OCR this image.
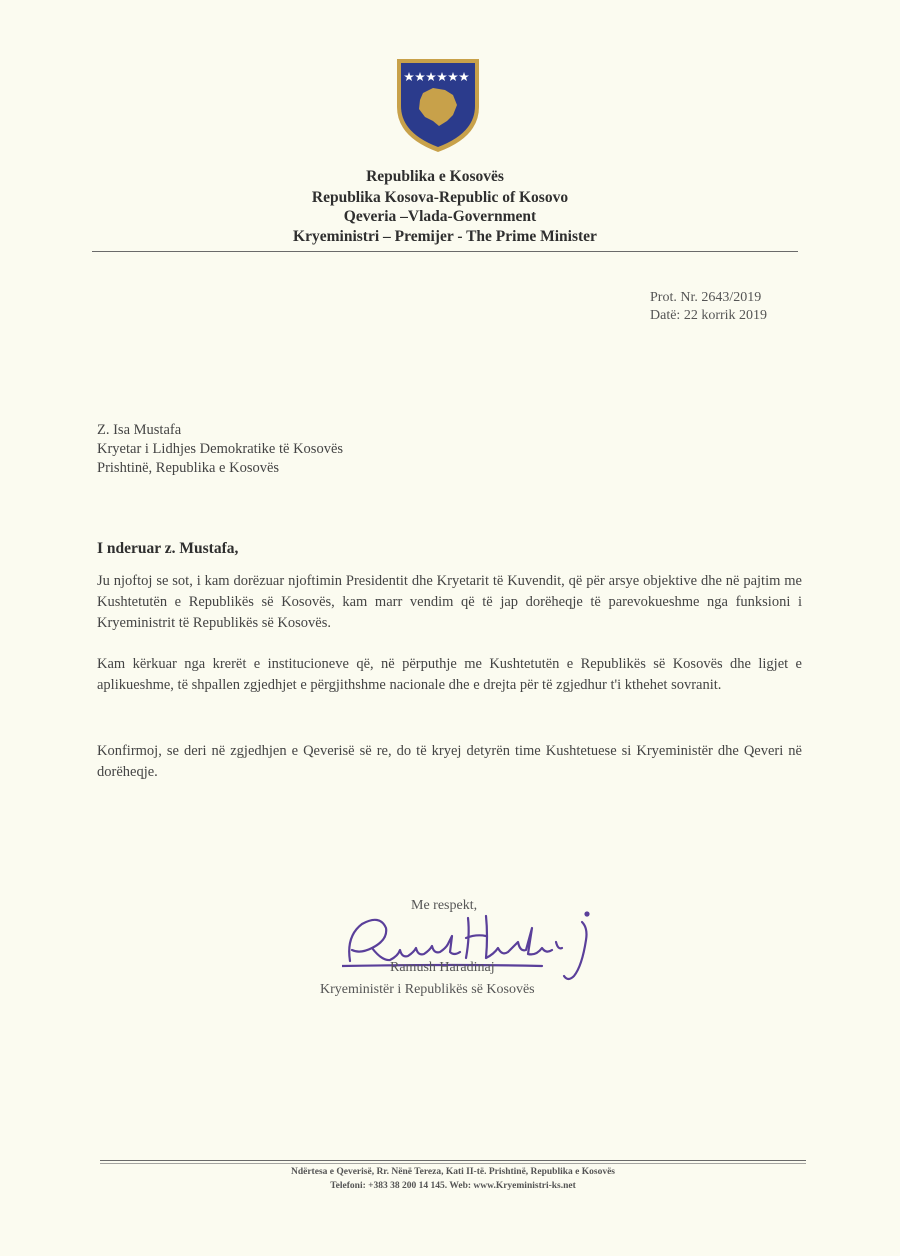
Republika e Kosovës
Republika Kosova-Republic of Kosovo
Qeveria –Vlada-Government
Kryeministri – Premijer - The Prime Minister
Prot. Nr. 2643/2019
Datë: 22 korrik 2019
Z. Isa Mustafa
Kryetar i Lidhjes Demokratike të Kosovës
Prishtinë, Republika e Kosovës
I nderuar z. Mustafa,
Ju njoftoj se sot, i kam dorëzuar njoftimin Presidentit dhe Kryetarit të Kuvendit, që për arsye objektive dhe në pajtim me Kushtetutën e Republikës së Kosovës, kam marr vendim që të jap dorëheqje të parevokueshme nga funksioni i Kryeministrit të Republikës së Kosovës.
Kam kërkuar nga krerët e institucioneve që, në përputhje me Kushtetutën e Republikës së Kosovës dhe ligjet e aplikueshme, të shpallen zgjedhjet e përgjithshme nacionale dhe e drejta për të zgjedhur t'i kthehet sovranit.
Konfirmoj, se deri në zgjedhjen e Qeverisë së re, do të kryej detyrën time Kushtetuese si Kryeministër dhe Qeveri në dorëheqje.
Me respekt,
Ramush Haradinaj
Kryeministër i Republikës së Kosovës
Ndërtesa e Qeverisë, Rr. Nënë Tereza, Kati II-të. Prishtinë, Republika e Kosovës
Telefoni: +383 38 200 14 145. Web: www.Kryeministri-ks.net
